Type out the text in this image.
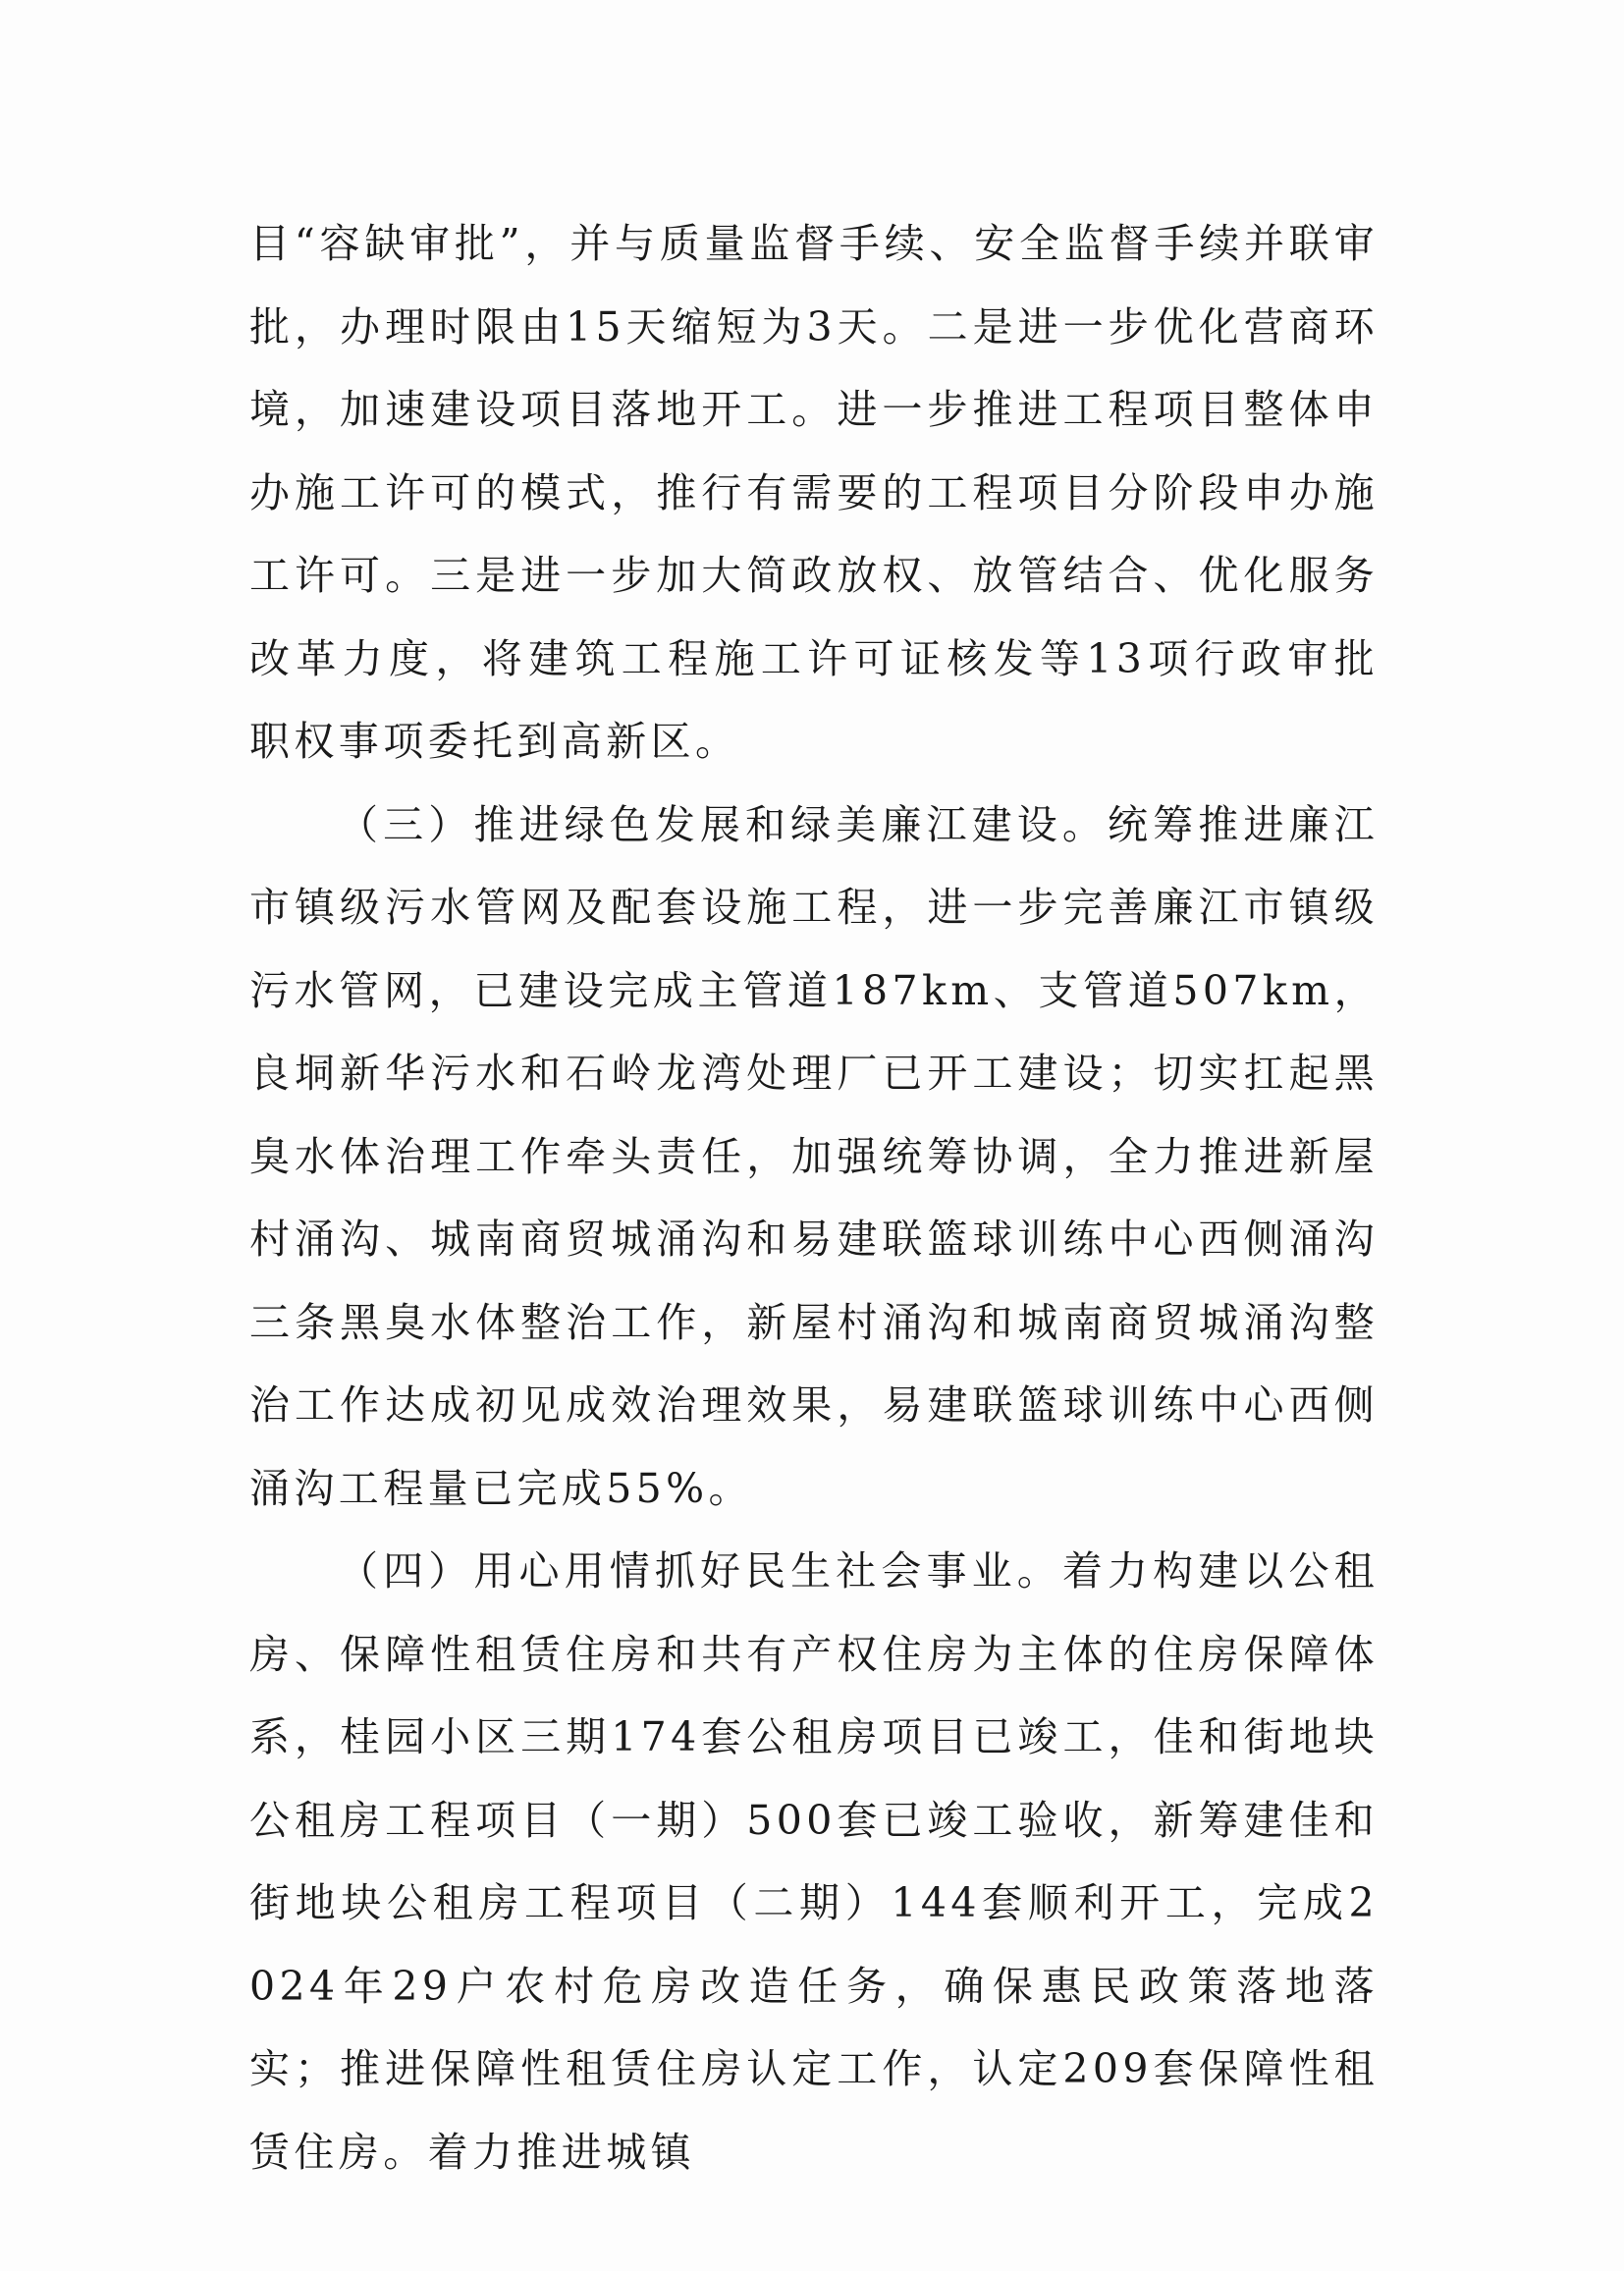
目“容缺审批”，并与质量监督手续、安全监督手续并联审批，办理时限由15天缩短为3天。二是进一步优化营商环境，加速建设项目落地开工。进一步推进工程项目整体申办施工许可的模式，推行有需要的工程项目分阶段申办施工许可。三是进一步加大简政放权、放管结合、优化服务改革力度，将建筑工程施工许可证核发等13项行政审批职权事项委托到高新区。

（三）推进绿色发展和绿美廉江建设。统筹推进廉江市镇级污水管网及配套设施工程，进一步完善廉江市镇级污水管网，已建设完成主管道187km、支管道507km，良垌新华污水和石岭龙湾处理厂已开工建设；切实扛起黑臭水体治理工作牵头责任，加强统筹协调，全力推进新屋村涌沟、城南商贸城涌沟和易建联篮球训练中心西侧涌沟三条黑臭水体整治工作，新屋村涌沟和城南商贸城涌沟整治工作达成初见成效治理效果，易建联篮球训练中心西侧涌沟工程量已完成55%。

（四）用心用情抓好民生社会事业。着力构建以公租房、保障性租赁住房和共有产权住房为主体的住房保障体系，桂园小区三期174套公租房项目已竣工，佳和街地块公租房工程项目（一期）500套已竣工验收，新筹建佳和街地块公租房工程项目（二期）144套顺利开工，完成2024年29户农村危房改造任务，确保惠民政策落地落实；推进保障性租赁住房认定工作，认定209套保障性租赁住房。着力推进城镇
